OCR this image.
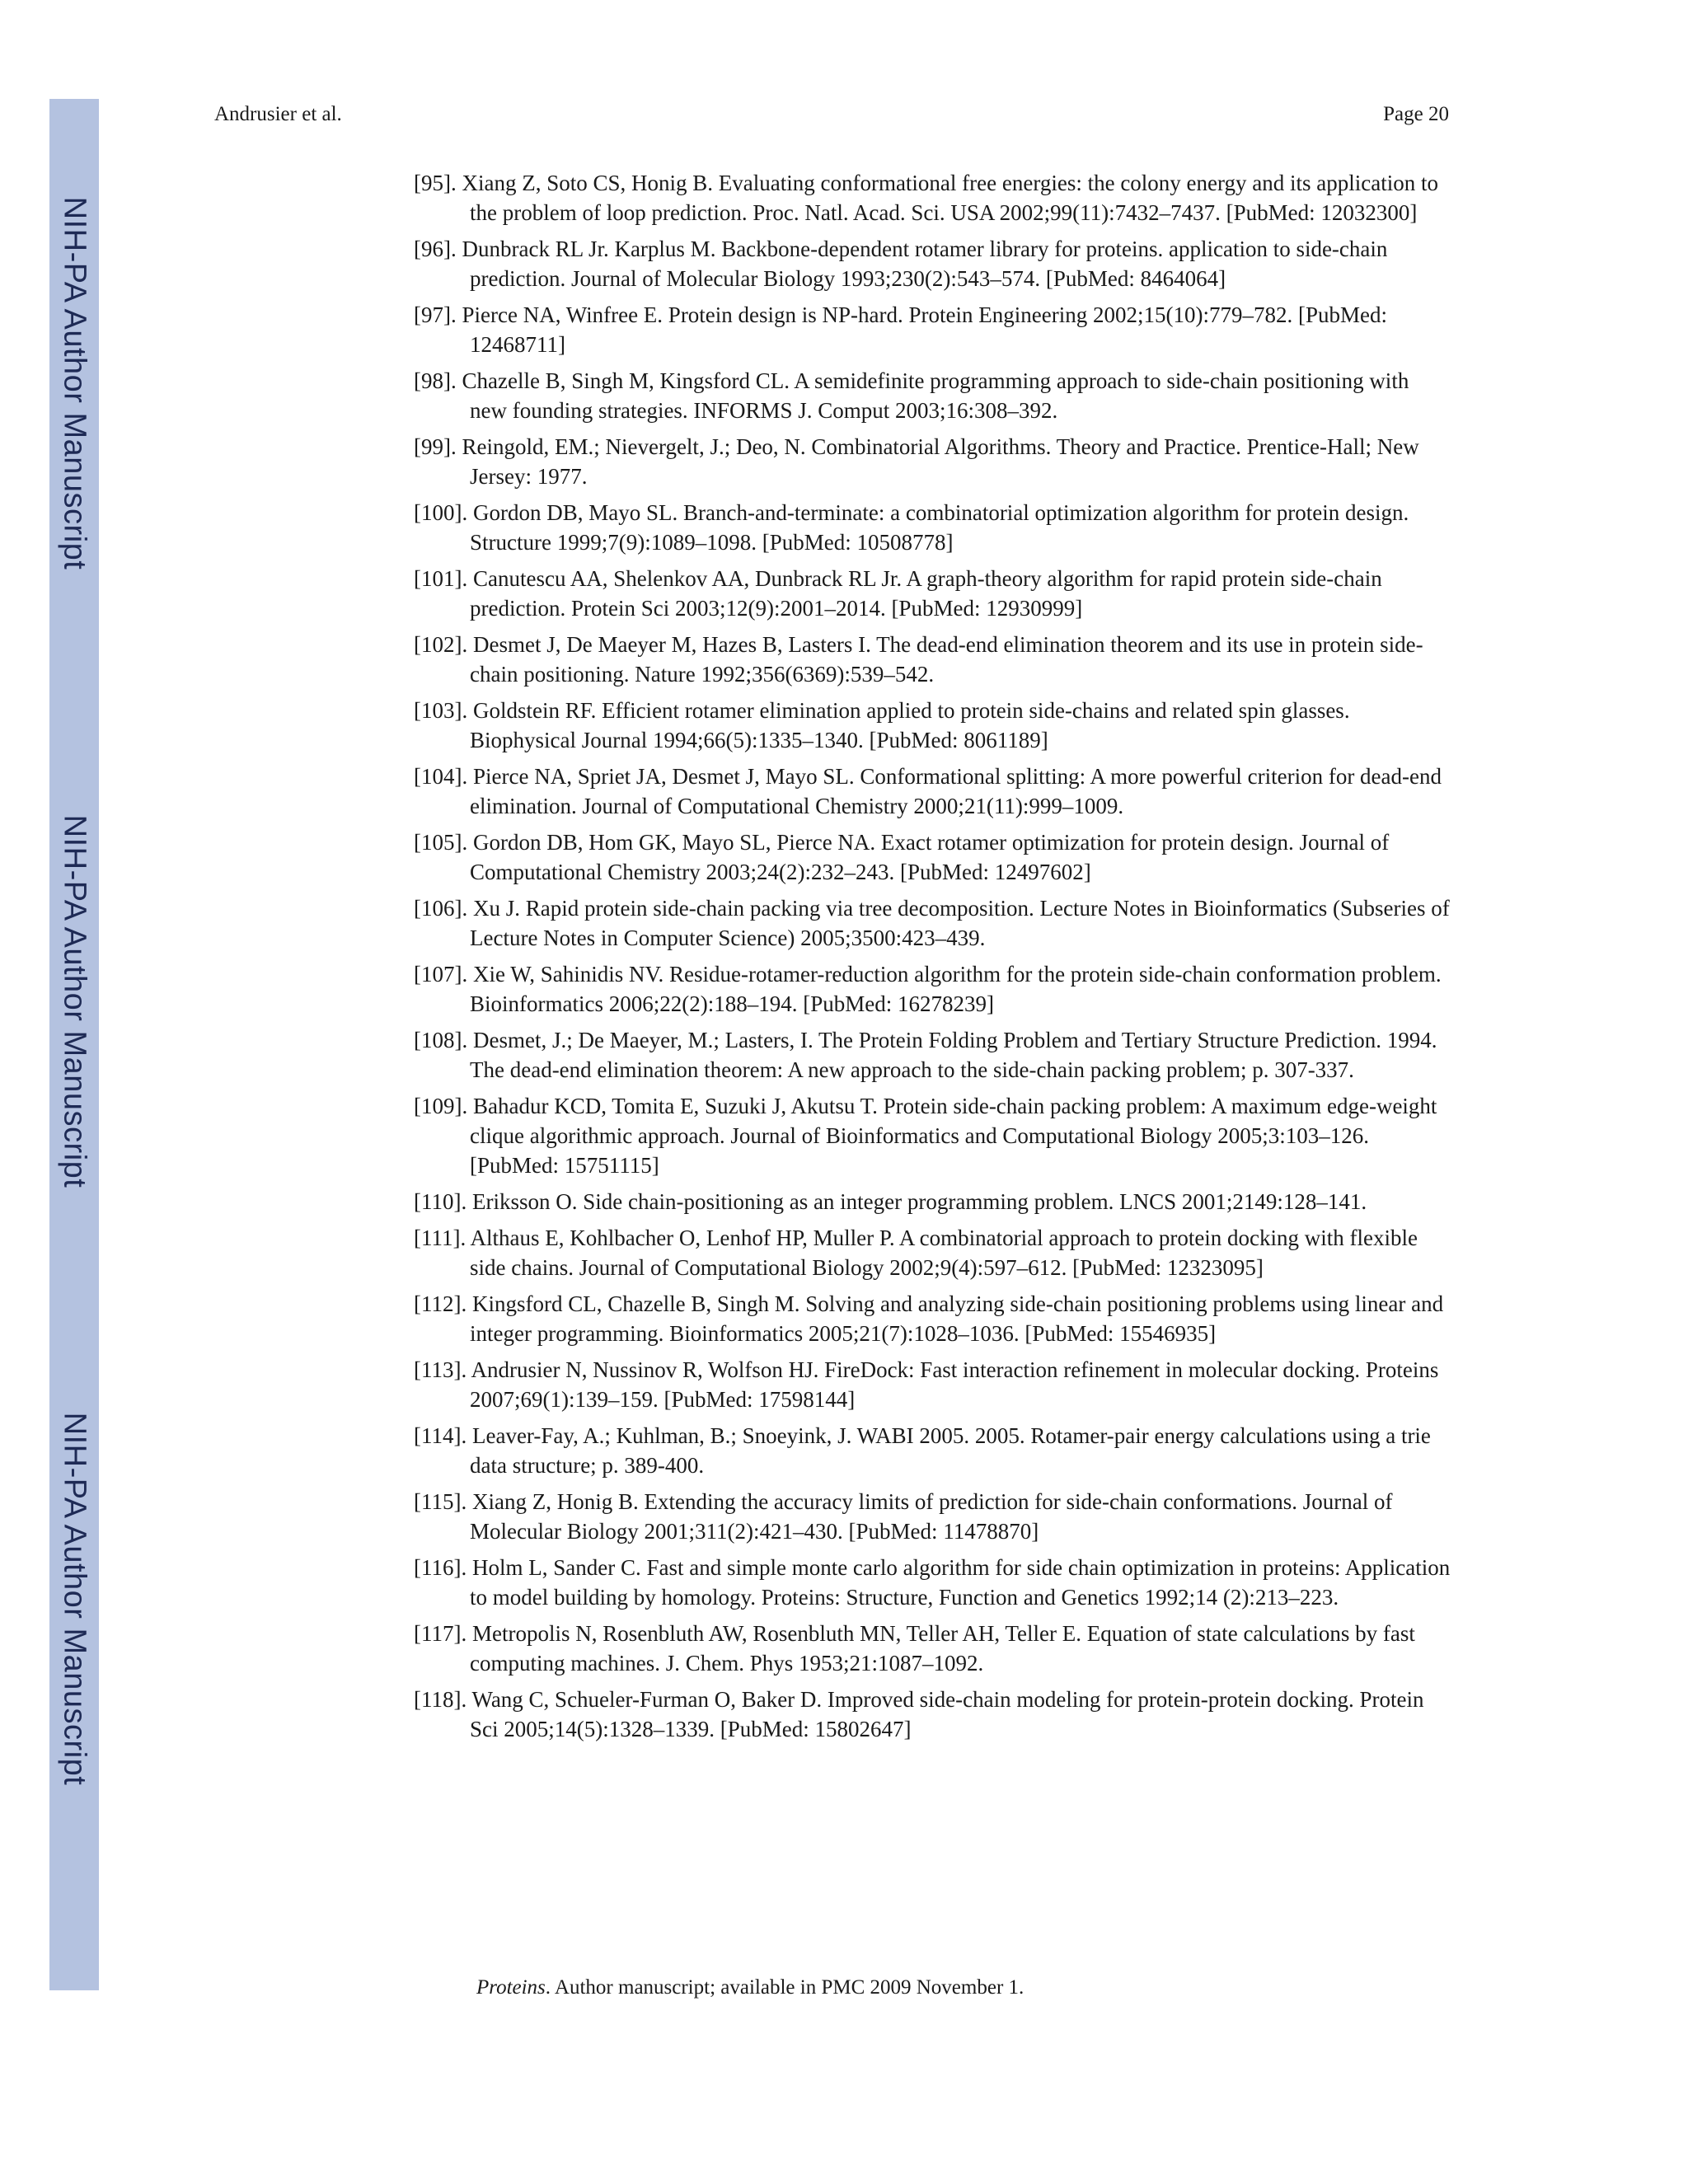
NIH-PA Author Manuscript
NIH-PA Author Manuscript
NIH-PA Author Manuscript
Andrusier et al.	Page 20
[95]. Xiang Z, Soto CS, Honig B. Evaluating conformational free energies: the colony energy and its application to the problem of loop prediction. Proc. Natl. Acad. Sci. USA 2002;99(11):7432–7437. [PubMed: 12032300]
[96]. Dunbrack RL Jr. Karplus M. Backbone-dependent rotamer library for proteins. application to side-chain prediction. Journal of Molecular Biology 1993;230(2):543–574. [PubMed: 8464064]
[97]. Pierce NA, Winfree E. Protein design is NP-hard. Protein Engineering 2002;15(10):779–782. [PubMed: 12468711]
[98]. Chazelle B, Singh M, Kingsford CL. A semidefinite programming approach to side-chain positioning with new founding strategies. INFORMS J. Comput 2003;16:308–392.
[99]. Reingold, EM.; Nievergelt, J.; Deo, N. Combinatorial Algorithms. Theory and Practice. Prentice-Hall; New Jersey: 1977.
[100]. Gordon DB, Mayo SL. Branch-and-terminate: a combinatorial optimization algorithm for protein design. Structure 1999;7(9):1089–1098. [PubMed: 10508778]
[101]. Canutescu AA, Shelenkov AA, Dunbrack RL Jr. A graph-theory algorithm for rapid protein side-chain prediction. Protein Sci 2003;12(9):2001–2014. [PubMed: 12930999]
[102]. Desmet J, De Maeyer M, Hazes B, Lasters I. The dead-end elimination theorem and its use in protein side-chain positioning. Nature 1992;356(6369):539–542.
[103]. Goldstein RF. Efficient rotamer elimination applied to protein side-chains and related spin glasses. Biophysical Journal 1994;66(5):1335–1340. [PubMed: 8061189]
[104]. Pierce NA, Spriet JA, Desmet J, Mayo SL. Conformational splitting: A more powerful criterion for dead-end elimination. Journal of Computational Chemistry 2000;21(11):999–1009.
[105]. Gordon DB, Hom GK, Mayo SL, Pierce NA. Exact rotamer optimization for protein design. Journal of Computational Chemistry 2003;24(2):232–243. [PubMed: 12497602]
[106]. Xu J. Rapid protein side-chain packing via tree decomposition. Lecture Notes in Bioinformatics (Subseries of Lecture Notes in Computer Science) 2005;3500:423–439.
[107]. Xie W, Sahinidis NV. Residue-rotamer-reduction algorithm for the protein side-chain conformation problem. Bioinformatics 2006;22(2):188–194. [PubMed: 16278239]
[108]. Desmet, J.; De Maeyer, M.; Lasters, I. The Protein Folding Problem and Tertiary Structure Prediction. 1994. The dead-end elimination theorem: A new approach to the side-chain packing problem; p. 307-337.
[109]. Bahadur KCD, Tomita E, Suzuki J, Akutsu T. Protein side-chain packing problem: A maximum edge-weight clique algorithmic approach. Journal of Bioinformatics and Computational Biology 2005;3:103–126. [PubMed: 15751115]
[110]. Eriksson O. Side chain-positioning as an integer programming problem. LNCS 2001;2149:128–141.
[111]. Althaus E, Kohlbacher O, Lenhof HP, Muller P. A combinatorial approach to protein docking with flexible side chains. Journal of Computational Biology 2002;9(4):597–612. [PubMed: 12323095]
[112]. Kingsford CL, Chazelle B, Singh M. Solving and analyzing side-chain positioning problems using linear and integer programming. Bioinformatics 2005;21(7):1028–1036. [PubMed: 15546935]
[113]. Andrusier N, Nussinov R, Wolfson HJ. FireDock: Fast interaction refinement in molecular docking. Proteins 2007;69(1):139–159. [PubMed: 17598144]
[114]. Leaver-Fay, A.; Kuhlman, B.; Snoeyink, J. WABI 2005. 2005. Rotamer-pair energy calculations using a trie data structure; p. 389-400.
[115]. Xiang Z, Honig B. Extending the accuracy limits of prediction for side-chain conformations. Journal of Molecular Biology 2001;311(2):421–430. [PubMed: 11478870]
[116]. Holm L, Sander C. Fast and simple monte carlo algorithm for side chain optimization in proteins: Application to model building by homology. Proteins: Structure, Function and Genetics 1992;14 (2):213–223.
[117]. Metropolis N, Rosenbluth AW, Rosenbluth MN, Teller AH, Teller E. Equation of state calculations by fast computing machines. J. Chem. Phys 1953;21:1087–1092.
[118]. Wang C, Schueler-Furman O, Baker D. Improved side-chain modeling for protein-protein docking. Protein Sci 2005;14(5):1328–1339. [PubMed: 15802647]
Proteins. Author manuscript; available in PMC 2009 November 1.
